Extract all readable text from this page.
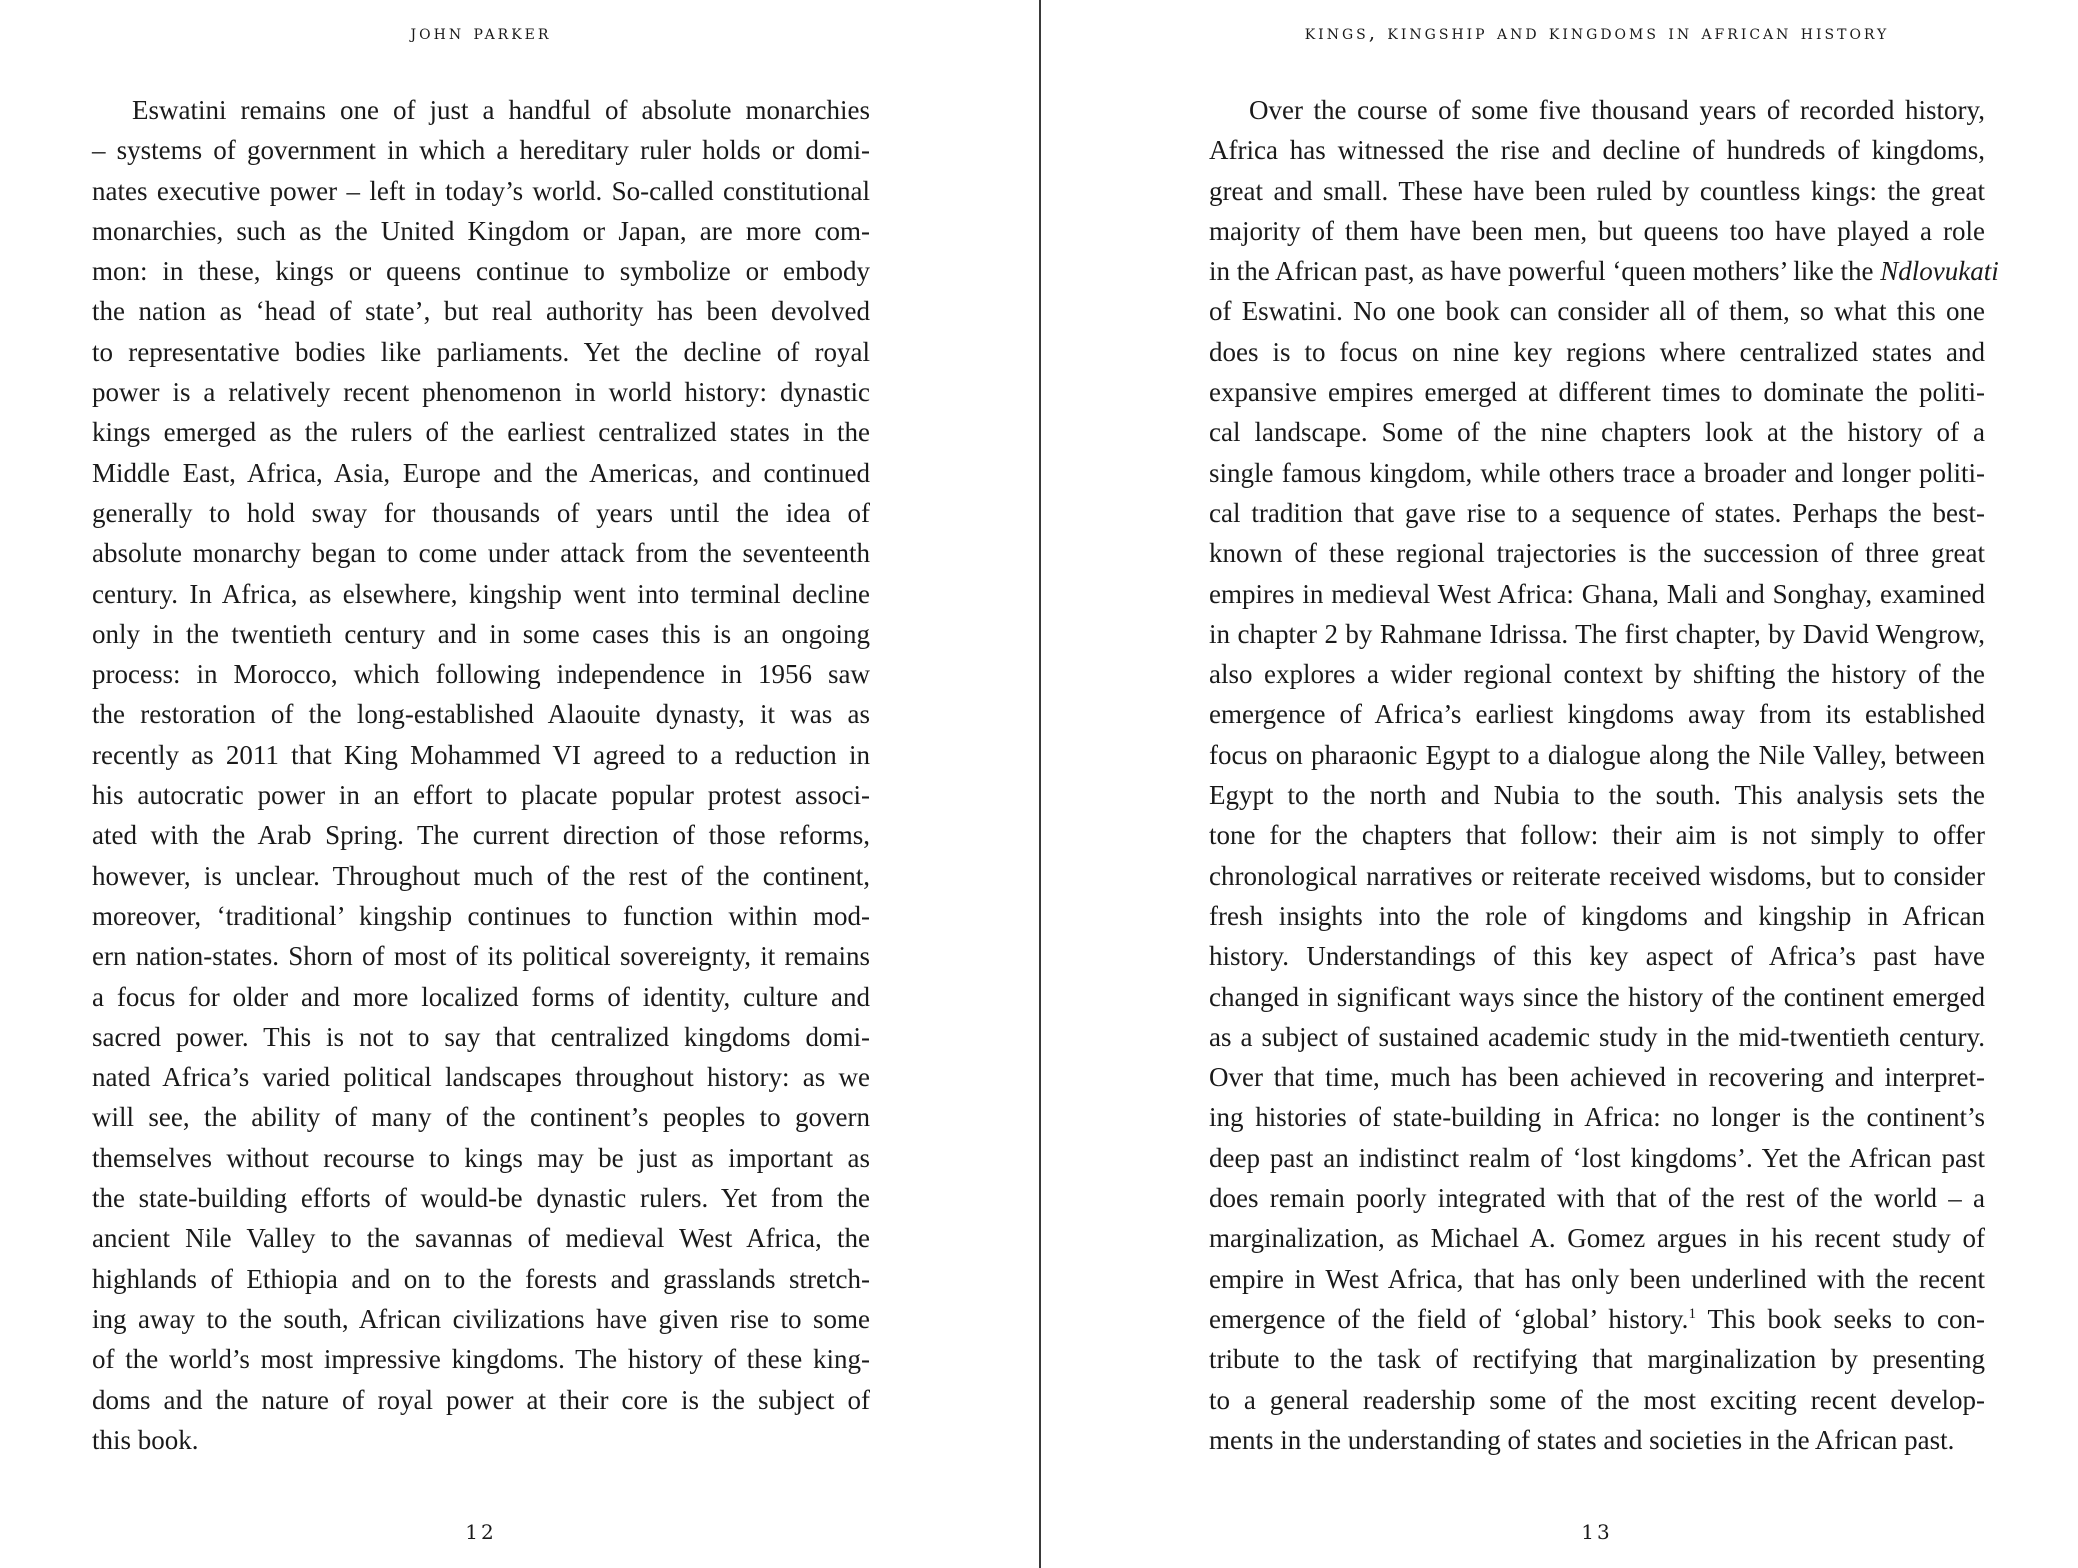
john parker
Eswatini remains one of just a handful of absolute monarchies
– systems of government in which a hereditary ruler holds or domi-
nates executive power – left in today’s world. So-called constitutional
monarchies, such as the United Kingdom or Japan, are more com-
mon: in these, kings or queens continue to symbolize or embody
the nation as ‘head of state’, but real authority has been devolved
to representative bodies like parliaments. Yet the decline of royal
power is a relatively recent phenomenon in world history: dynastic
kings emerged as the rulers of the earliest centralized states in the
Middle East, Africa, Asia, Europe and the Americas, and continued
generally to hold sway for thousands of years until the idea of
absolute monarchy began to come under attack from the seventeenth
century. In Africa, as elsewhere, kingship went into terminal decline
only in the twentieth century and in some cases this is an ongoing
process: in Morocco, which following independence in 1956 saw
the restoration of the long-established Alaouite dynasty, it was as
recently as 2011 that King Mohammed VI agreed to a reduction in
his autocratic power in an effort to placate popular protest associ-
ated with the Arab Spring. The current direction of those reforms,
however, is unclear. Throughout much of the rest of the continent,
moreover, ‘traditional’ kingship continues to function within mod-
ern nation-states. Shorn of most of its political sovereignty, it remains
a focus for older and more localized forms of identity, culture and
sacred power. This is not to say that centralized kingdoms domi-
nated Africa’s varied political landscapes throughout history: as we
will see, the ability of many of the continent’s peoples to govern
themselves without recourse to kings may be just as important as
the state-building efforts of would-be dynastic rulers. Yet from the
ancient Nile Valley to the savannas of medieval West Africa, the
highlands of Ethiopia and on to the forests and grasslands stretch-
ing away to the south, African civilizations have given rise to some
of the world’s most impressive kingdoms. The history of these king-
doms and the nature of royal power at their core is the subject of
this book.
12
kings, kingship and kingdoms in african history
Over the course of some five thousand years of recorded history,
Africa has witnessed the rise and decline of hundreds of kingdoms,
great and small. These have been ruled by countless kings: the great
majority of them have been men, but queens too have played a role
in the African past, as have powerful ‘queen mothers’ like the Ndlovukati
of Eswatini. No one book can consider all of them, so what this one
does is to focus on nine key regions where centralized states and
expansive empires emerged at different times to dominate the politi-
cal landscape. Some of the nine chapters look at the history of a
single famous kingdom, while others trace a broader and longer politi-
cal tradition that gave rise to a sequence of states. Perhaps the best-
known of these regional trajectories is the succession of three great
empires in medieval West Africa: Ghana, Mali and Songhay, examined
in chapter 2 by Rahmane Idrissa. The first chapter, by David Wengrow,
also explores a wider regional context by shifting the history of the
emergence of Africa’s earliest kingdoms away from its established
focus on pharaonic Egypt to a dialogue along the Nile Valley, between
Egypt to the north and Nubia to the south. This analysis sets the
tone for the chapters that follow: their aim is not simply to offer
chronological narratives or reiterate received wisdoms, but to consider
fresh insights into the role of kingdoms and kingship in African
history. Understandings of this key aspect of Africa’s past have
changed in significant ways since the history of the continent emerged
as a subject of sustained academic study in the mid-twentieth century.
Over that time, much has been achieved in recovering and interpret-
ing histories of state-building in Africa: no longer is the continent’s
deep past an indistinct realm of ‘lost kingdoms’. Yet the African past
does remain poorly integrated with that of the rest of the world – a
marginalization, as Michael A. Gomez argues in his recent study of
empire in West Africa, that has only been underlined with the recent
emergence of the field of ‘global’ history.$^1$ This book seeks to con-
tribute to the task of rectifying that marginalization by presenting
to a general readership some of the most exciting recent develop-
ments in the understanding of states and societies in the African past.
13
